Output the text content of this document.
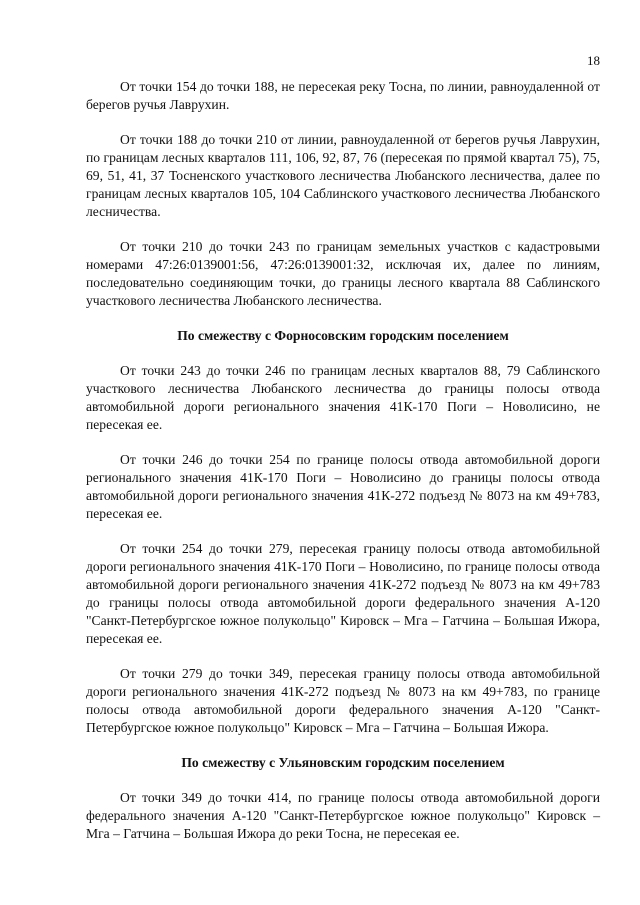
18

От точки 154 до точки 188, не пересекая реку Тосна, по линии, равноудаленной от берегов ручья Лаврухин.

От точки 188 до точки 210 от линии, равноудаленной от берегов ручья Лаврухин, по границам лесных кварталов 111, 106, 92, 87, 76 (пересекая по прямой квартал 75), 75, 69, 51, 41, 37 Тосненского участкового лесничества Любанского лесничества, далее по границам лесных кварталов 105, 104 Саблинского участкового лесничества Любанского лесничества.

От точки 210 до точки 243 по границам земельных участков с кадастровыми номерами 47:26:0139001:56, 47:26:0139001:32, исключая их, далее по линиям, последовательно соединяющим точки, до границы лесного квартала 88 Саблинского участкового лесничества Любанского лесничества.

По смежеству с Форносовским городским поселением

От точки 243 до точки 246 по границам лесных кварталов 88, 79 Саблинского участкового лесничества Любанского лесничества до границы полосы отвода автомобильной дороги регионального значения 41К-170 Поги – Новолисино, не пересекая ее.

От точки 246 до точки 254 по границе полосы отвода автомобильной дороги регионального значения 41К-170 Поги – Новолисино до границы полосы отвода автомобильной дороги регионального значения 41К-272 подъезд № 8073 на км 49+783, пересекая ее.

От точки 254 до точки 279, пересекая границу полосы отвода автомобильной дороги регионального значения 41К-170 Поги – Новолисино, по границе полосы отвода автомобильной дороги регионального значения 41К-272 подъезд № 8073 на км 49+783 до границы полосы отвода автомобильной дороги федерального значения А-120 "Санкт-Петербургское южное полукольцо" Кировск – Мга – Гатчина – Большая Ижора, пересекая ее.

От точки 279 до точки 349, пересекая границу полосы отвода автомобильной дороги регионального значения 41К-272 подъезд № 8073 на км 49+783, по границе полосы отвода автомобильной дороги федерального значения А-120 "Санкт-Петербургское южное полукольцо" Кировск – Мга – Гатчина – Большая Ижора.

По смежеству с Ульяновским городским поселением

От точки 349 до точки 414, по границе полосы отвода автомобильной дороги федерального значения А-120 "Санкт-Петербургское южное полукольцо" Кировск – Мга – Гатчина – Большая Ижора до реки Тосна, не пересекая ее.
